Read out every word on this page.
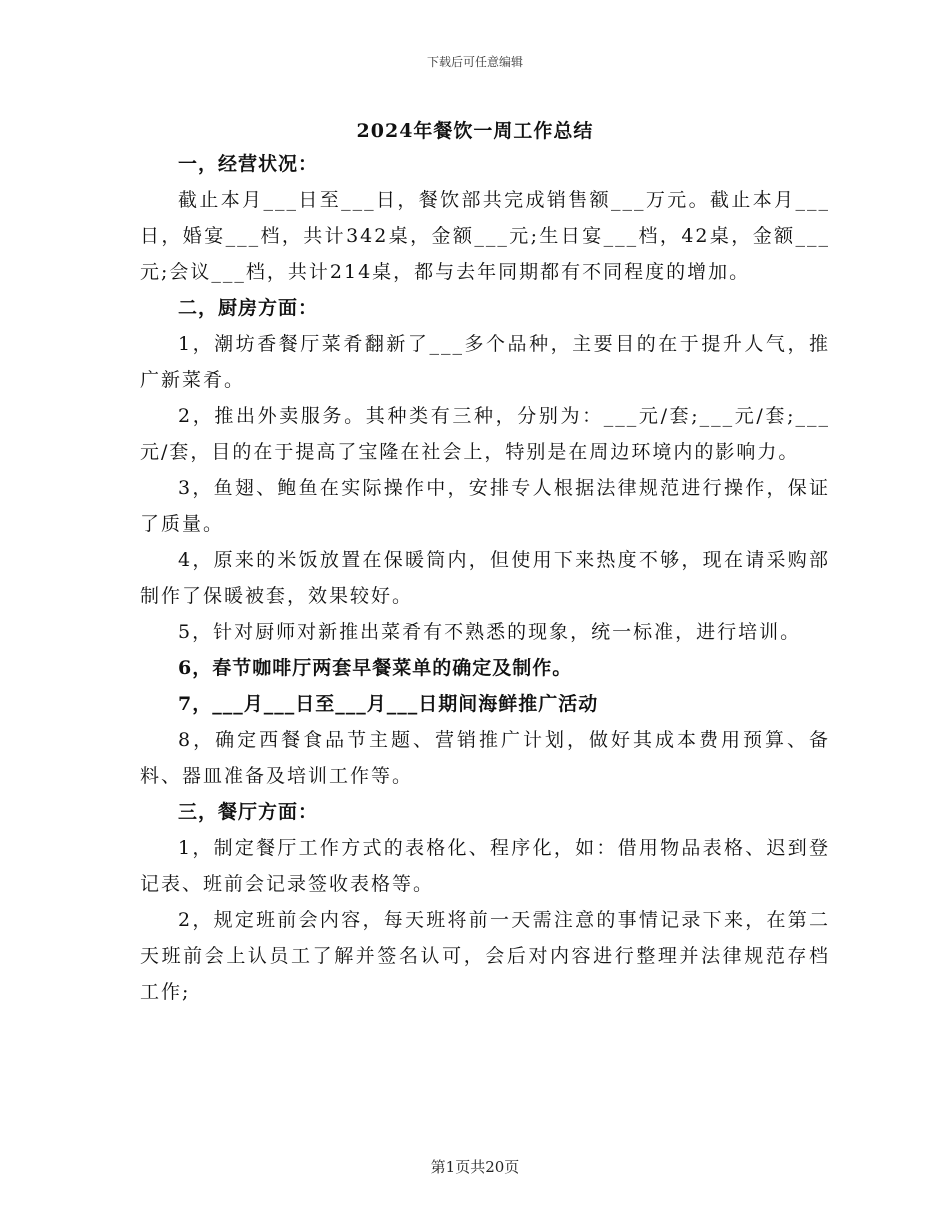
下载后可任意编辑
2024年餐饮一周工作总结

一，经营状况：

截止本月___日至___日，餐饮部共完成销售额___万元。截止本月___日，婚宴___档，共计342桌，金额___元;生日宴___档，42桌，金额___元;会议___档，共计214桌，都与去年同期都有不同程度的增加。

二，厨房方面：

1，潮坊香餐厅菜肴翻新了___多个品种，主要目的在于提升人气，推广新菜肴。

2，推出外卖服务。其种类有三种，分别为：___元/套;___元/套;___元/套，目的在于提高了宝隆在社会上，特别是在周边环境内的影响力。

3，鱼翅、鲍鱼在实际操作中，安排专人根据法律规范进行操作，保证了质量。

4，原来的米饭放置在保暖筒内，但使用下来热度不够，现在请采购部制作了保暖被套，效果较好。

5，针对厨师对新推出菜肴有不熟悉的现象，统一标准，进行培训。

6，春节咖啡厅两套早餐菜单的确定及制作。

7，___月___日至___月___日期间海鲜推广活动

8，确定西餐食品节主题、营销推广计划，做好其成本费用预算、备料、器皿准备及培训工作等。

三，餐厅方面：

1，制定餐厅工作方式的表格化、程序化，如：借用物品表格、迟到登记表、班前会记录签收表格等。

2，规定班前会内容，每天班将前一天需注意的事情记录下来，在第二天班前会上认员工了解并签名认可，会后对内容进行整理并法律规范存档工作;

第1页共20页
